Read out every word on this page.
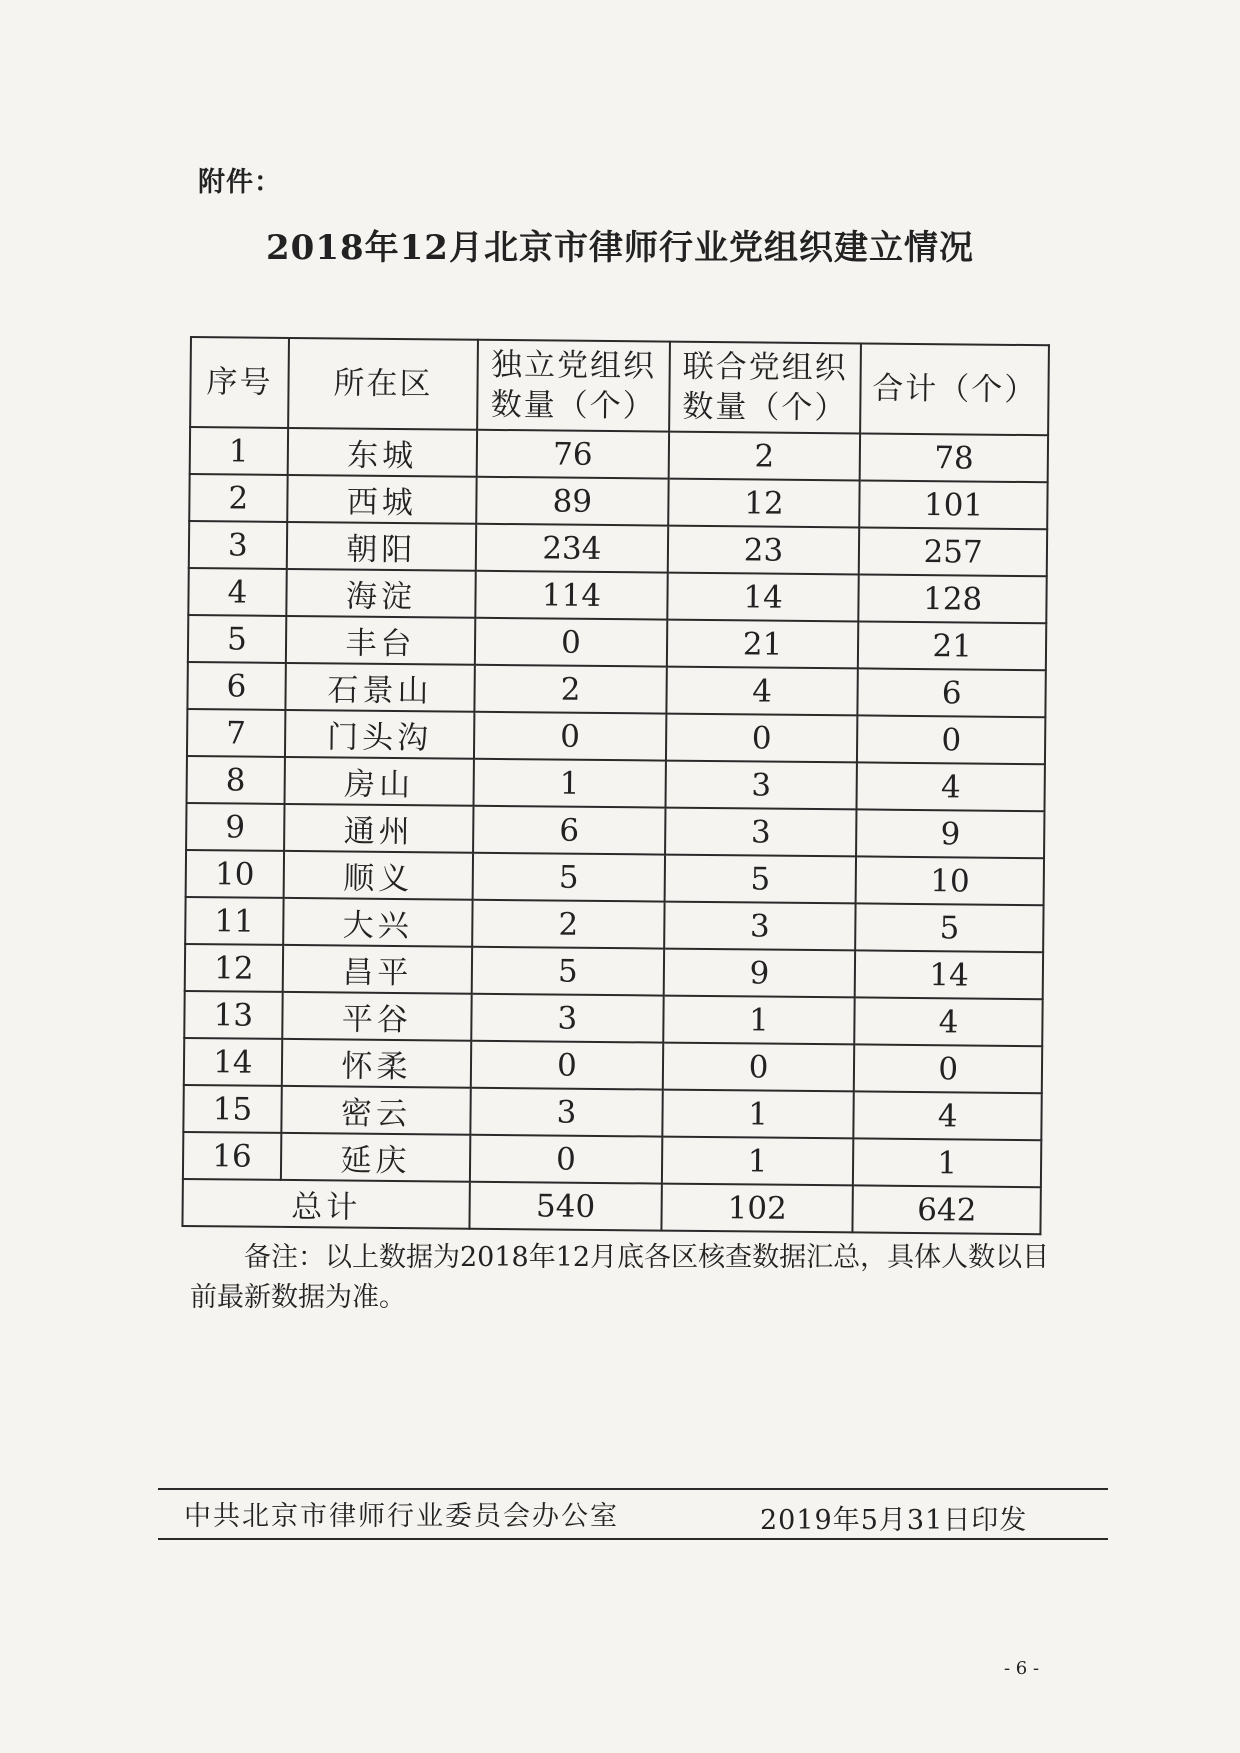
附件：
2018年12月北京市律师行业党组织建立情况
序号	所在区	独立党组织数量（个）	联合党组织数量（个）	合计（个）
1	东城	76	2	78
2	西城	89	12	101
3	朝阳	234	23	257
4	海淀	114	14	128
5	丰台	0	21	21
6	石景山	2	4	6
7	门头沟	0	0	0
8	房山	1	3	4
9	通州	6	3	9
10	顺义	5	5	10
11	大兴	2	3	5
12	昌平	5	9	14
13	平谷	3	1	4
14	怀柔	0	0	0
15	密云	3	1	4
16	延庆	0	1	1
总计		540	102	642
备注：以上数据为2018年12月底各区核查数据汇总，具体人数以目前最新数据为准。
中共北京市律师行业委员会办公室	2019年5月31日印发
- 6 -
